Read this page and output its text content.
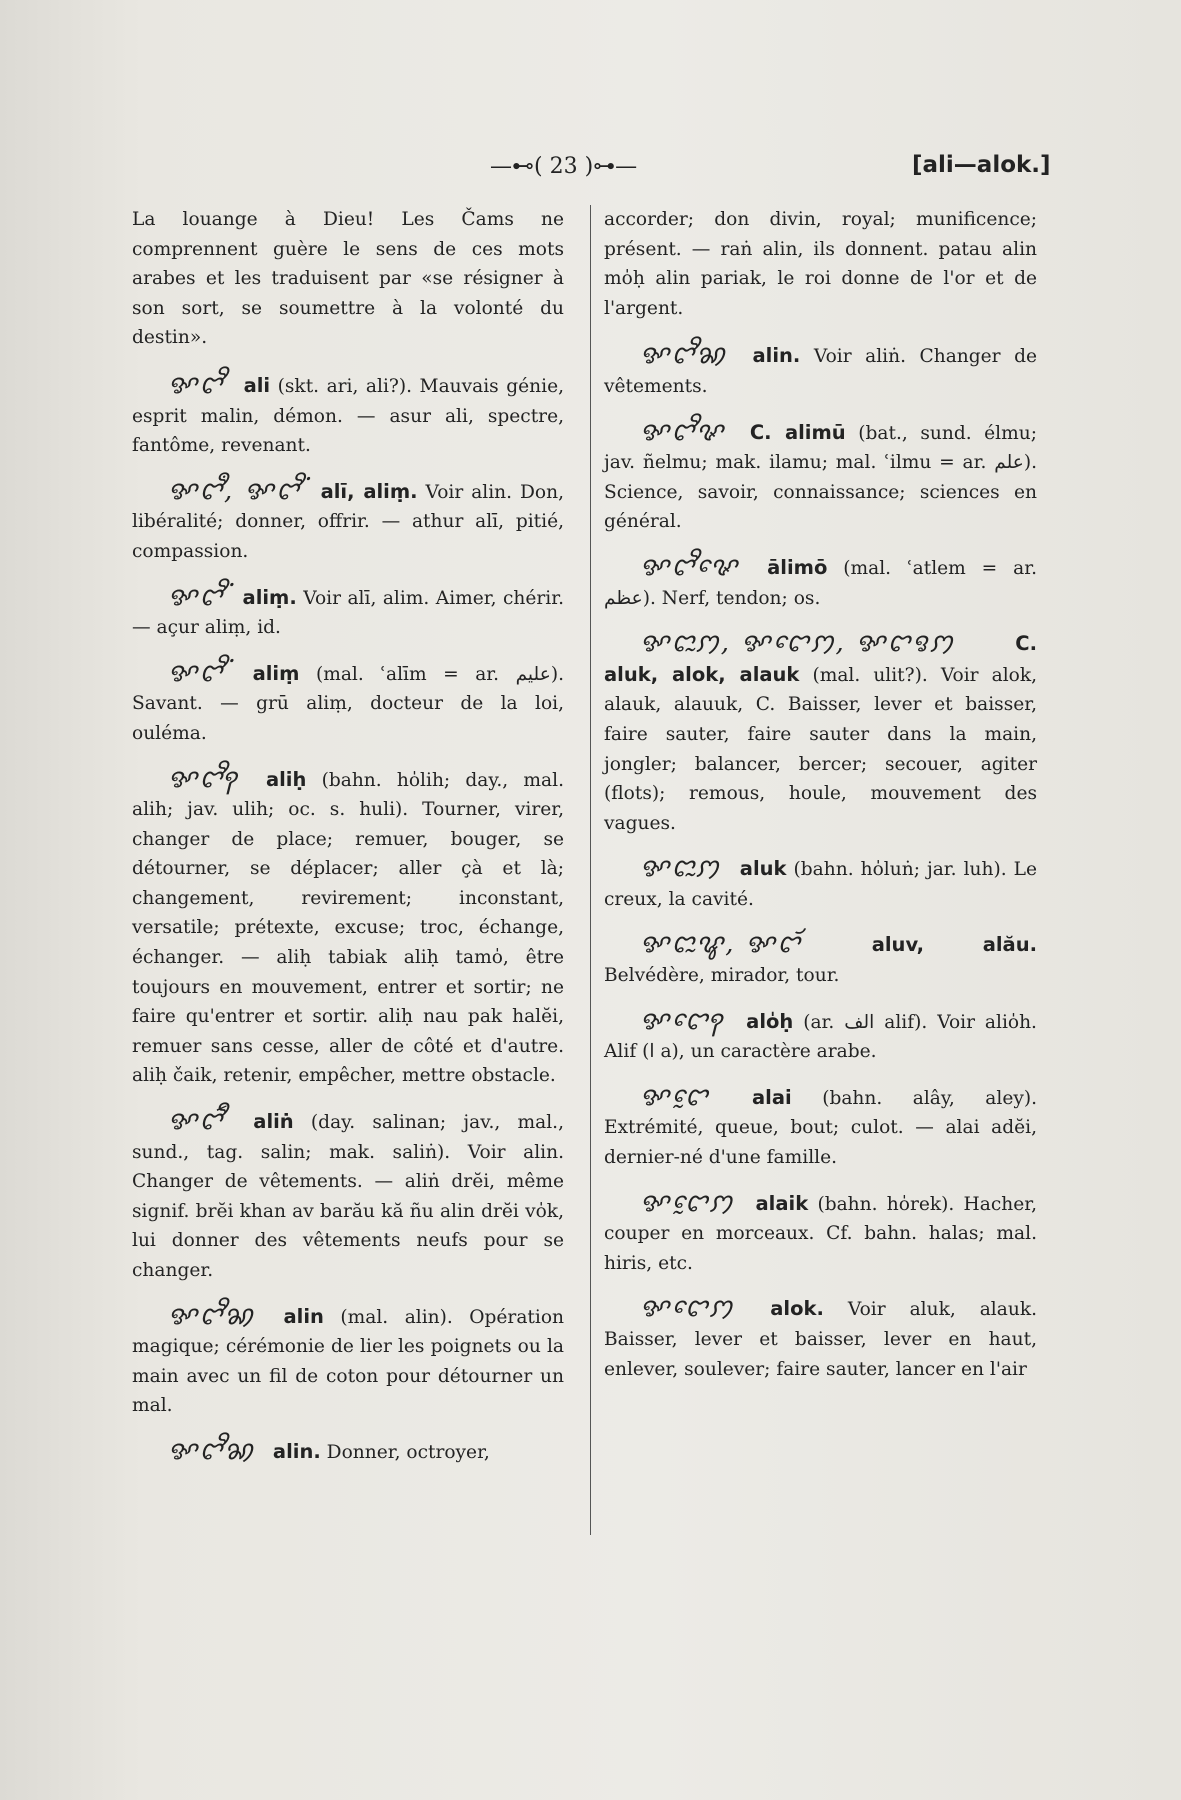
—⊷( 23 )⊶—	[ali—alok.]

La louange à Dieu! Les Čams ne comprennent guère le sens de ces mots arabes et les traduisent par «se résigner à son sort, se soumettre à la volonté du destin».

ꨀꨤꨪ ali (skt. ari, ali?). Mauvais génie, esprit malin, démon. — asur ali, spectre, fantôme, revenant.

ꨀꨤꨫ, ꨀꨤꨪꩌ alī, aliṃ. Voir alin. Don, libéralité; donner, offrir. — athur alī, pitié, compassion.

ꨀꨤꨪꩌ aliṃ. Voir alī, alim. Aimer, chérir. — açur aliṃ, id.

ꨀꨤꨪꩌ aliṃ (mal. ʿalīm = ar. عليم). Savant. — grū aliṃ, docteur de la loi, ouléma.

ꨀꨤꨪꩍ aliḥ (bahn. ho̍lih; day., mal. alih; jav. ulih; oc. s. huli). Tourner, virer, changer de place; remuer, bouger, se détourner, se déplacer; aller çà et là; changement, revirement; inconstant, versatile; prétexte, excuse; troc, échange, échanger. — aliḥ tabiak aliḥ tamo̍, être toujours en mouvement, entrer et sortir; ne faire qu'entrer et sortir. aliḥ nau pak halĕi, remuer sans cesse, aller de côté et d'autre. aliḥ čaik, retenir, empêcher, mettre obstacle.

ꨀꨤꨪꩃ aliṅ (day. salinan; jav., mal., sund., tag. salin; mak. saliṅ). Voir alin. Changer de vêtements. — aliṅ drĕi, même signif. brĕi khan av barău kă ñu alin drĕi vo̍k, lui donner des vêtements neufs pour se changer.

ꨀꨤꨪꩆ alin (mal. alin). Opération magique; cérémonie de lier les poignets ou la main avec un fil de coton pour détourner un mal.

ꨀꨤꨪꩆ alin. Donner, octroyer,

accorder; don divin, royal; munificence; présent. — raṅ alin, ils donnent. patau alin mo̍ḥ alin pariak, le roi donne de l'or et de l'argent.

ꨀꨤꨪꩆ alin. Voir aliṅ. Changer de vêtements.

ꨀꨤꨪꨟ C. alimū (bat., sund. élmu; jav. ñelmu; mak. ilamu; mal. ʿilmu = ar. علم). Science, savoir, connaissance; sciences en général.

ꨀꨤꨪꨟꨯ ālimō (mal. ʿatlem = ar. عظم). Nerf, tendon; os.

ꨀꨤꨭꩀ, ꨀꨤꨯꩀ, ꨀꨤꨅꩀ	C. aluk, alok, alauk (mal. ulit?). Voir alok, alauk, alauuk, C. Baisser, lever et baisser, faire sauter, faire sauter dans la main, jongler; balancer, bercer; secouer, agiter (flots); remous, houle, mouvement des vagues.

ꨀꨤꨭꩀ aluk (bahn. ho̍luṅ; jar. luh). Le creux, la cavité.

ꨀꨤꨭꨥ, ꨀꨤꨮ	aluv, alău. Belvédère, mirador, tour.

ꨀꨤꨯꩍ alo̍ḥ (ar. الف alif). Voir alio̍h. Alif (ا a), un caractère arabe.

ꨀꨤꨰ alai (bahn. alây, aley). Extrémité, queue, bout; culot. — alai adĕi, dernier-né d'une famille.

ꨀꨤꨰꩀ alaik (bahn. ho̍rek). Hacher, couper en morceaux. Cf. bahn. halas; mal. hiris, etc.

ꨀꨤꨯꩀ alok. Voir aluk, alauk. Baisser, lever et baisser, lever en haut, enlever, soulever; faire sauter, lancer en l'air
